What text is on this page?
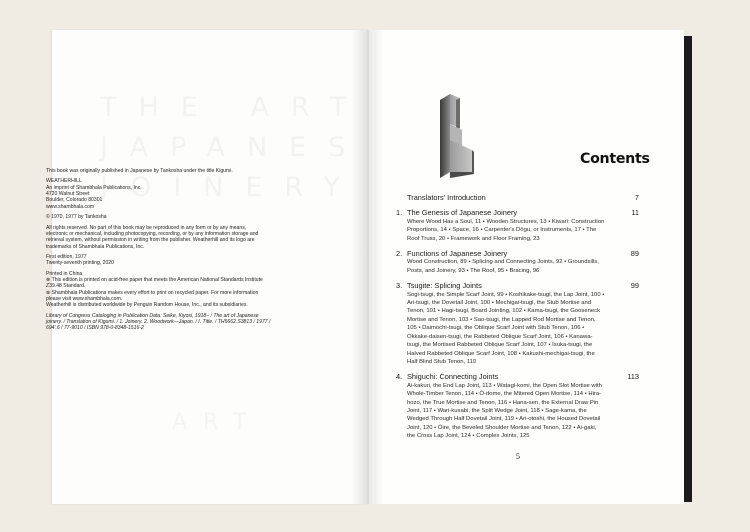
This book was originally published in Japanese by Tankosha under the title Kigumi.

WEATHERHILL
An imprint of Shambhala Publications, Inc.
4720 Walnut Street
Boulder, Colorado 80301
www.shambhala.com

© 1970, 1977 by Tankosha

All rights reserved. No part of this book may be reproduced in any form or by any means,
electronic or mechanical, including photocopying, recording, or by any information storage and
retrieval system, without permission in writing from the publisher. Weatherhill and its logo are
trademarks of Shambhala Publications, Inc.

First edition, 1977
Twenty-seventh printing, 2020

Printed in China
⊗ This edition is printed on acid-free paper that meets the American National Standards Institute
Z39.48 Standard.
⊗ Shambhala Publications makes every effort to print on recycled paper. For more information
please visit www.shambhala.com.
Weatherhill is distributed worldwide by Penguin Random House, Inc., and its subsidiaries.

Library of Congress Cataloging in Publication Data: Seike, Kiyosi, 1918– / The art of Japanese
joinery. / Translation of Kigumi. / 1. Joinery. 2. Woodwork—Japan. / I. Title. / TH5662.S3813 / 1977 /
694'.6 / 77-9010 / ISBN 978-0-8348-1516-2

Contents
Translators' Introduction	7
1. The Genesis of Japanese Joinery	11
Where Wood Has a Soul, 11 • Wooden Structures, 13 • Kiwari: Construction
Proportions, 14 • Space, 16 • Carpenter's Dōgu, or Instruments, 17 • The
Roof Truss, 20 • Framework and Floor Framing, 23
2. Functions of Japanese Joinery	89
Wood Construction, 89 • Splicing and Connecting Joints, 92 • Groundsills,
Posts, and Joinery, 93 • The Roof, 95 • Bracing, 96
3. Tsugite: Splicing Joints	99
Sogi-tsugi, the Simple Scarf Joint, 99 • Koshikake-tsugi, the Lap Joint, 100 •
Ari-tsugi, the Dovetail Joint, 100 • Mechigai-tsugi, the Stub Mortise and
Tenon, 101 • Hagi-tsugi, Board Jointing, 102 • Kama-tsugi, the Gooseneck
Mortise and Tenon, 103 • Sao-tsugi, the Lapped Rod Mortise and Tenon,
105 • Daimochi-tsugi, the Oblique Scarf Joint with Stub Tenon, 106 •
Okkake-daisen-tsugi, the Rabbeted Oblique Scarf Joint, 106 • Kanawa-
tsugi, the Mortised Rabbeted Oblique Scarf Joint, 107 • Isuka-tsugi, the
Halved Rabbeted Oblique Scarf Joint, 108 • Kakushi-mechigai-tsugi, the
Half Blind Stub Tenon, 110
4. Shiguchi: Connecting Joints	113
Ai-kakuri, the End Lap Joint, 113 • Watagi-komi, the Open Slot Mortise with
Whole-Timber Tenon, 114 • Ō-dome, the Mitered Open Mortise, 114 • Hira-
hozo, the True Mortise and Tenon, 116 • Hana-sen, the External Draw Pin
Joint, 117 • Wari-kusabi, the Split Wedge Joint, 118 • Sage-kama, the
Wedged Through Half Dovetail Joint, 119 • Ari-otoshi, the Housed Dovetail
Joint, 120 • Ōire, the Beveled Shoulder Mortise and Tenon, 122 • Ai-gaki,
the Cross Lap Joint, 124 • Complex Joints, 125
5
